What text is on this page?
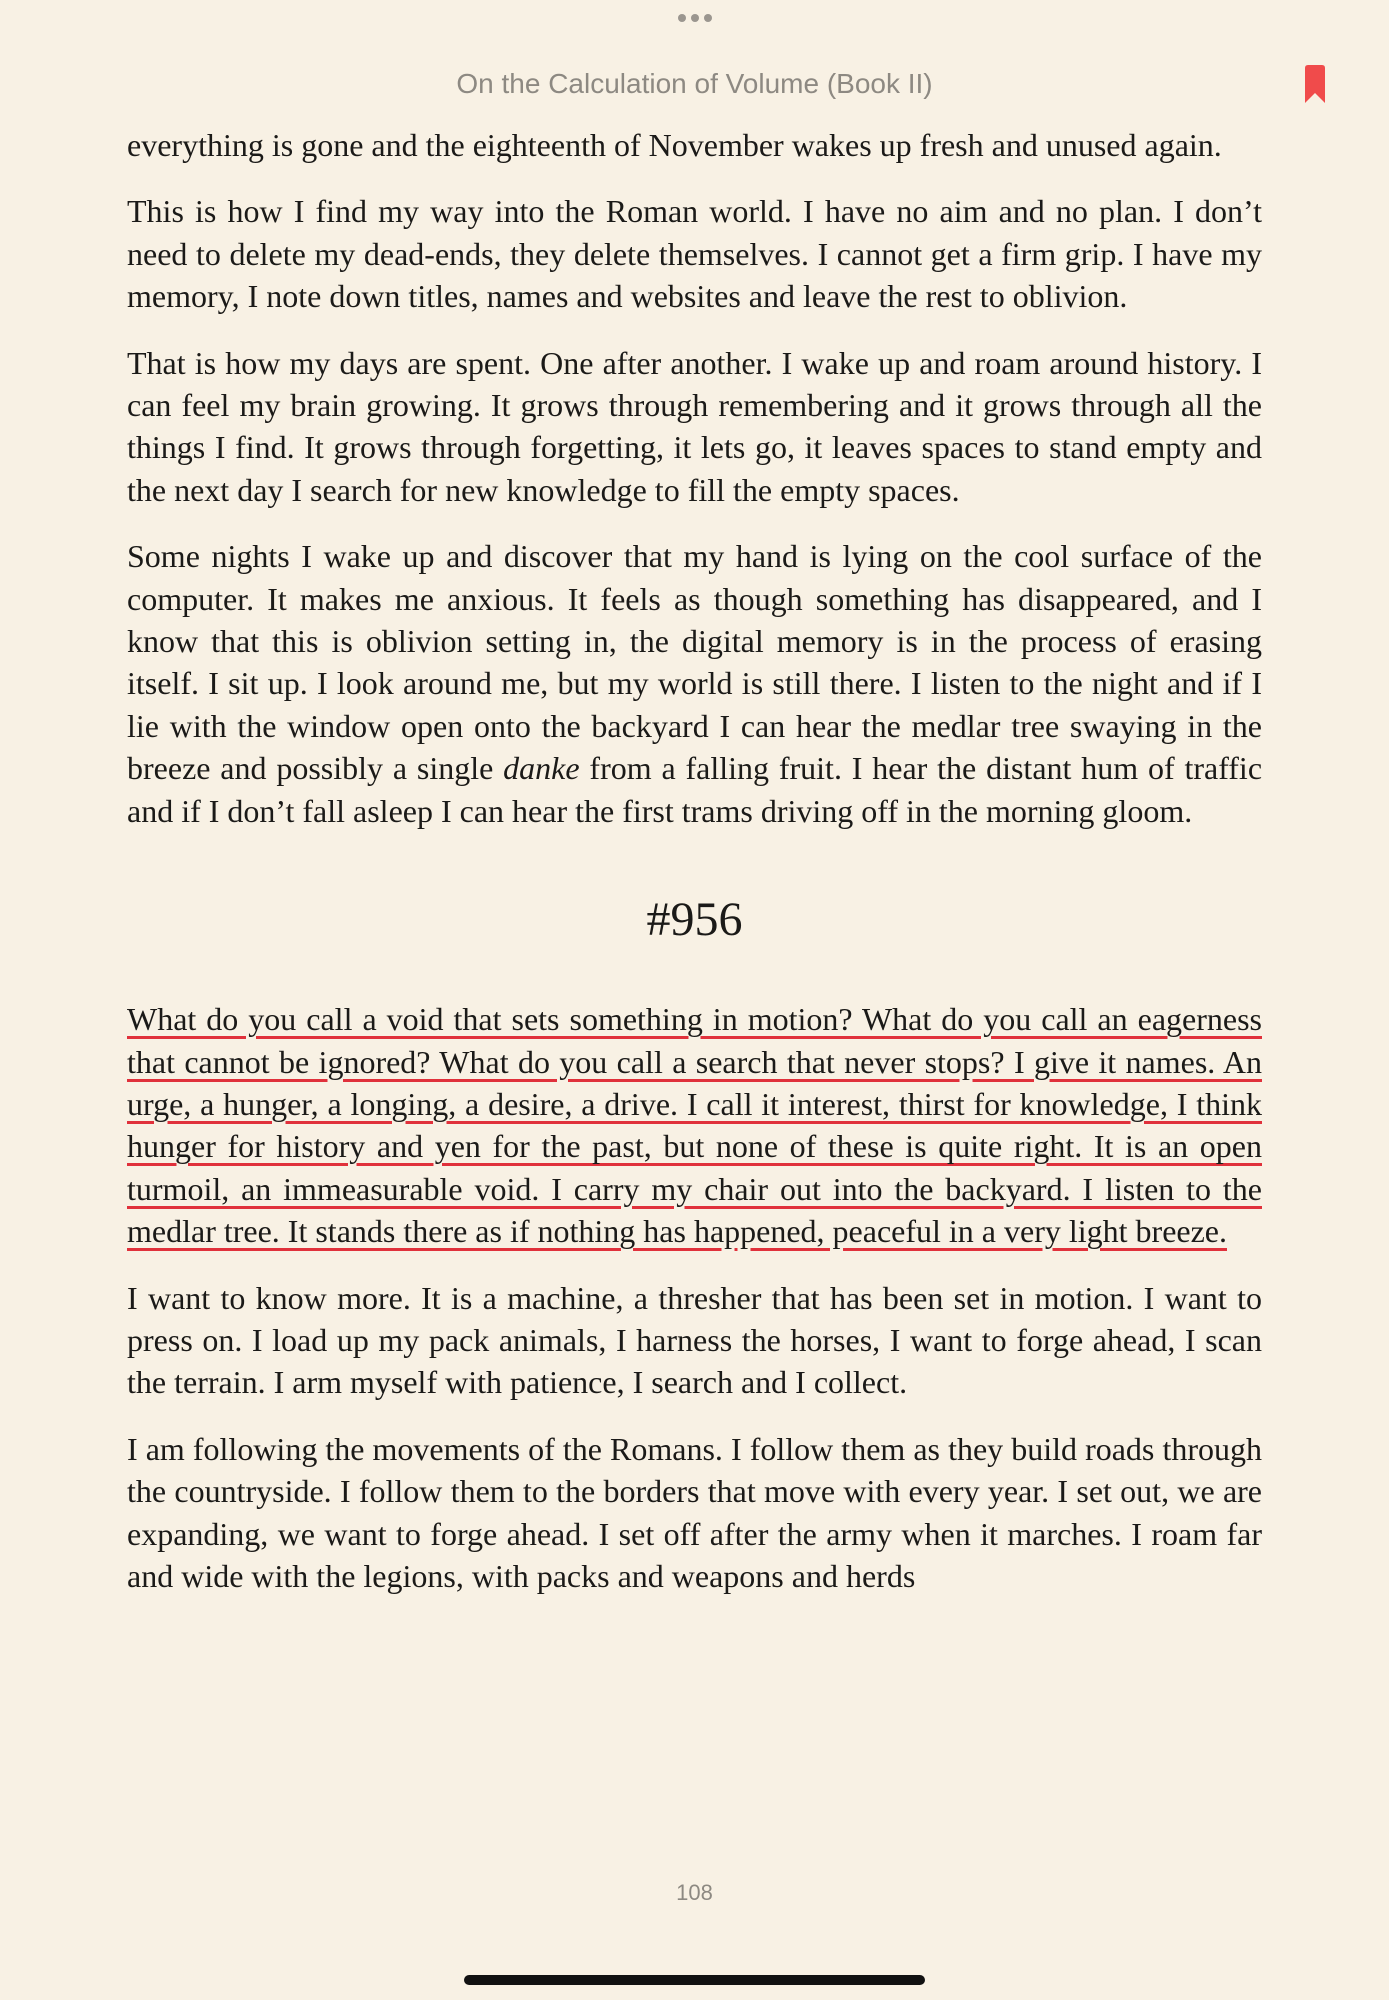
On the Calculation of Volume (Book II)

everything is gone and the eighteenth of November wakes up fresh and unused again.

This is how I find my way into the Roman world. I have no aim and no plan. I don’t need to delete my dead-ends, they delete themselves. I cannot get a firm grip. I have my memory, I note down titles, names and websites and leave the rest to oblivion.

That is how my days are spent. One after another. I wake up and roam around history. I can feel my brain growing. It grows through remembering and it grows through all the things I find. It grows through forgetting, it lets go, it leaves spaces to stand empty and the next day I search for new knowledge to fill the empty spaces.

Some nights I wake up and discover that my hand is lying on the cool surface of the computer. It makes me anxious. It feels as though something has disappeared, and I know that this is oblivion setting in, the digital memory is in the process of erasing itself. I sit up. I look around me, but my world is still there. I listen to the night and if I lie with the window open onto the backyard I can hear the medlar tree swaying in the breeze and possibly a single danke from a falling fruit. I hear the distant hum of traffic and if I don’t fall asleep I can hear the first trams driving off in the morning gloom.

#956

What do you call a void that sets something in motion? What do you call an eagerness that cannot be ignored? What do you call a search that never stops? I give it names. An urge, a hunger, a longing, a desire, a drive. I call it interest, thirst for knowledge, I think hunger for history and yen for the past, but none of these is quite right. It is an open turmoil, an immeasurable void. I carry my chair out into the backyard. I listen to the medlar tree. It stands there as if nothing has happened, peaceful in a very light breeze.

I want to know more. It is a machine, a thresher that has been set in motion. I want to press on. I load up my pack animals, I harness the horses, I want to forge ahead, I scan the terrain. I arm myself with patience, I search and I collect.

I am following the movements of the Romans. I follow them as they build roads through the countryside. I follow them to the borders that move with every year. I set out, we are expanding, we want to forge ahead. I set off after the army when it marches. I roam far and wide with the legions, with packs and weapons and herds

108
